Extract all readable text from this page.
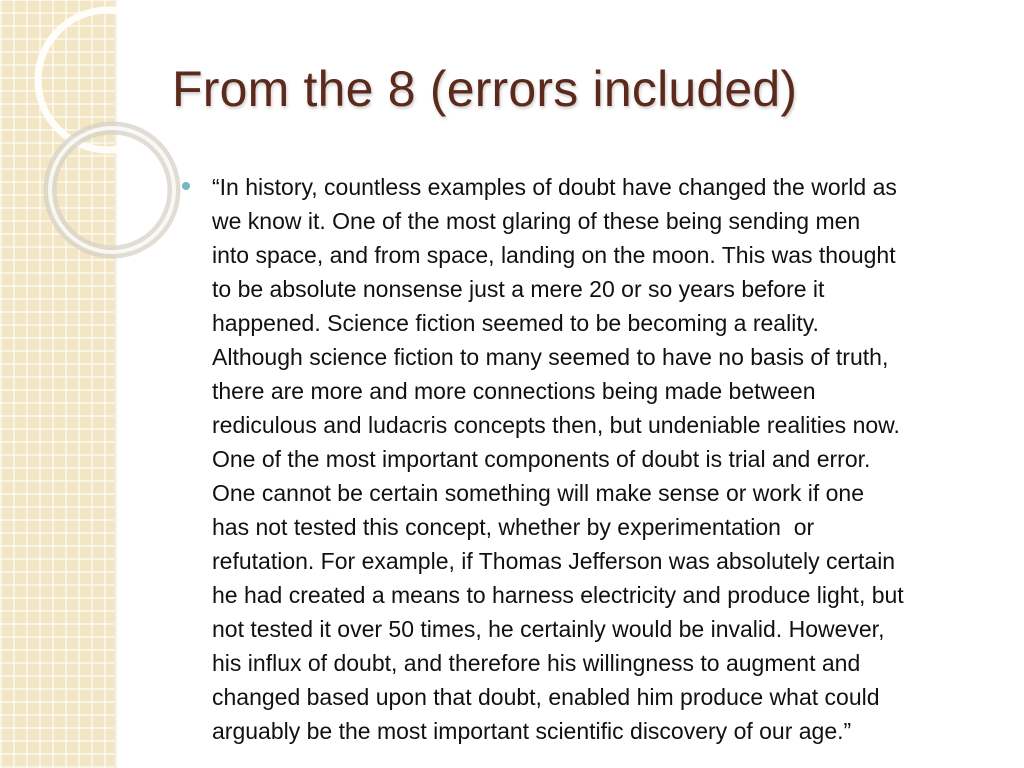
From the 8 (errors included)

“In history, countless examples of doubt have changed the world as
we know it. One of the most glaring of these being sending men
into space, and from space, landing on the moon. This was thought
to be absolute nonsense just a mere 20 or so years before it
happened. Science fiction seemed to be becoming a reality.
Although science fiction to many seemed to have no basis of truth,
there are more and more connections being made between
rediculous and ludacris concepts then, but undeniable realities now.
One of the most important components of doubt is trial and error.
One cannot be certain something will make sense or work if one
has not tested this concept, whether by experimentation  or
refutation. For example, if Thomas Jefferson was absolutely certain
he had created a means to harness electricity and produce light, but
not tested it over 50 times, he certainly would be invalid. However,
his influx of doubt, and therefore his willingness to augment and
changed based upon that doubt, enabled him produce what could
arguably be the most important scientific discovery of our age.”
